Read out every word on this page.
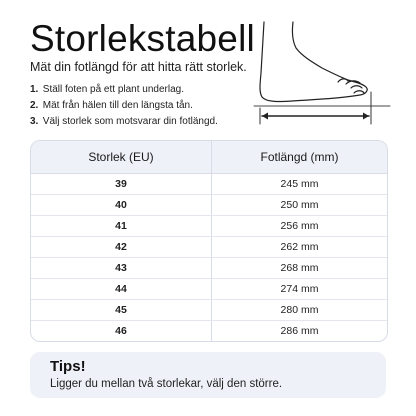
Storlekstabell
Mät din fotlängd för att hitta rätt storlek.
1. Ställ foten på ett plant underlag.
2. Mät från hälen till den längsta tån.
3. Välj storlek som motsvarar din fotlängd.
Storlek (EU)	Fotlängd (mm)
39	245 mm
40	250 mm
41	256 mm
42	262 mm
43	268 mm
44	274 mm
45	280 mm
46	286 mm
Tips!
Ligger du mellan två storlekar, välj den större.
